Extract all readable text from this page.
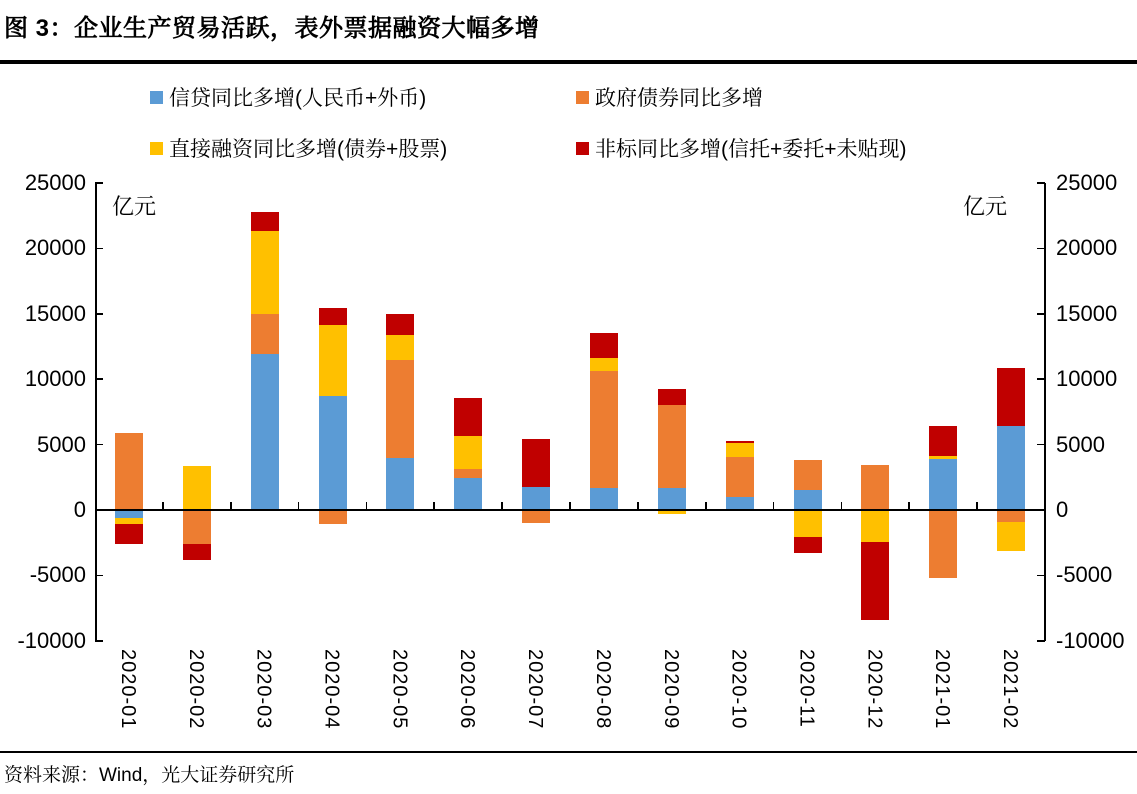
图 3：企业生产贸易活跃，表外票据融资大幅多增
信贷同比多增(人民币+外币)	政府债券同比多增
直接融资同比多增(债券+股票)	非标同比多增(信托+委托+未贴现)
亿元	亿元
25000	25000
20000	20000
15000	15000
10000	10000
5000	5000
0	0
-5000	-5000
-10000	-10000
2020-01 2020-02 2020-03 2020-04 2020-05 2020-06 2020-07 2020-08 2020-09 2020-10 2020-11 2020-12 2021-01 2021-02
资料来源：Wind，光大证券研究所
